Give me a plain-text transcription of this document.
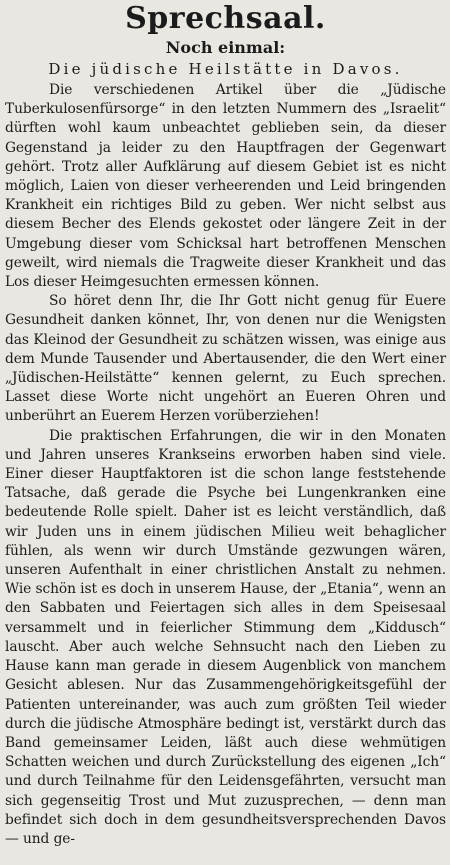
Sprechsaal.
Noch einmal:
Die jüdische Heilstätte in Davos.

Die verschiedenen Artikel über die „Jüdische Tuberkulosenfürsorge“ in den letzten Nummern des „Israelit“ dürften wohl kaum unbeachtet geblieben sein, da dieser Gegenstand ja leider zu den Hauptfragen der Gegenwart gehört. Trotz aller Aufklärung auf diesem Gebiet ist es nicht möglich, Laien von dieser verheerenden und Leid bringenden Krankheit ein richtiges Bild zu geben. Wer nicht selbst aus diesem Becher des Elends gekostet oder längere Zeit in der Umgebung dieser vom Schicksal hart betroffenen Menschen geweilt, wird niemals die Tragweite dieser Krankheit und das Los dieser Heimgesuchten ermessen können.

So höret denn Ihr, die Ihr Gott nicht genug für Euere Gesundheit danken könnet, Ihr, von denen nur die Wenigsten das Kleinod der Gesundheit zu schätzen wissen, was einige aus dem Munde Tausender und Abertausender, die den Wert einer „Jüdischen-Heilstätte“ kennen gelernt, zu Euch sprechen. Lasset diese Worte nicht ungehört an Eueren Ohren und unberührt an Euerem Herzen vorüberziehen!

Die praktischen Erfahrungen, die wir in den Monaten und Jahren unseres Krankseins erworben haben sind viele. Einer dieser Hauptfaktoren ist die schon lange feststehende Tatsache, daß gerade die Psyche bei Lungenkranken eine bedeutende Rolle spielt. Daher ist es leicht verständlich, daß wir Juden uns in einem jüdischen Milieu weit behaglicher fühlen, als wenn wir durch Umstände gezwungen wären, unseren Aufenthalt in einer christlichen Anstalt zu nehmen. Wie schön ist es doch in unserem Hause, der „Etania“, wenn an den Sabbaten und Feiertagen sich alles in dem Speisesaal versammelt und in feierlicher Stimmung dem „Kiddusch“ lauscht. Aber auch welche Sehnsucht nach den Lieben zu Hause kann man gerade in diesem Augenblick von manchem Gesicht ablesen. Nur das Zusammengehörigkeitsgefühl der Patienten untereinander, was auch zum größten Teil wieder durch die jüdische Atmosphäre bedingt ist, verstärkt durch das Band gemeinsamer Leiden, läßt auch diese wehmütigen Schatten weichen und durch Zurückstellung des eigenen „Ich“ und durch Teilnahme für den Leidensgefährten, versucht man sich gegenseitig Trost und Mut zuzusprechen, — denn man befindet sich doch in dem gesundheitsversprechenden Davos — und ge-
